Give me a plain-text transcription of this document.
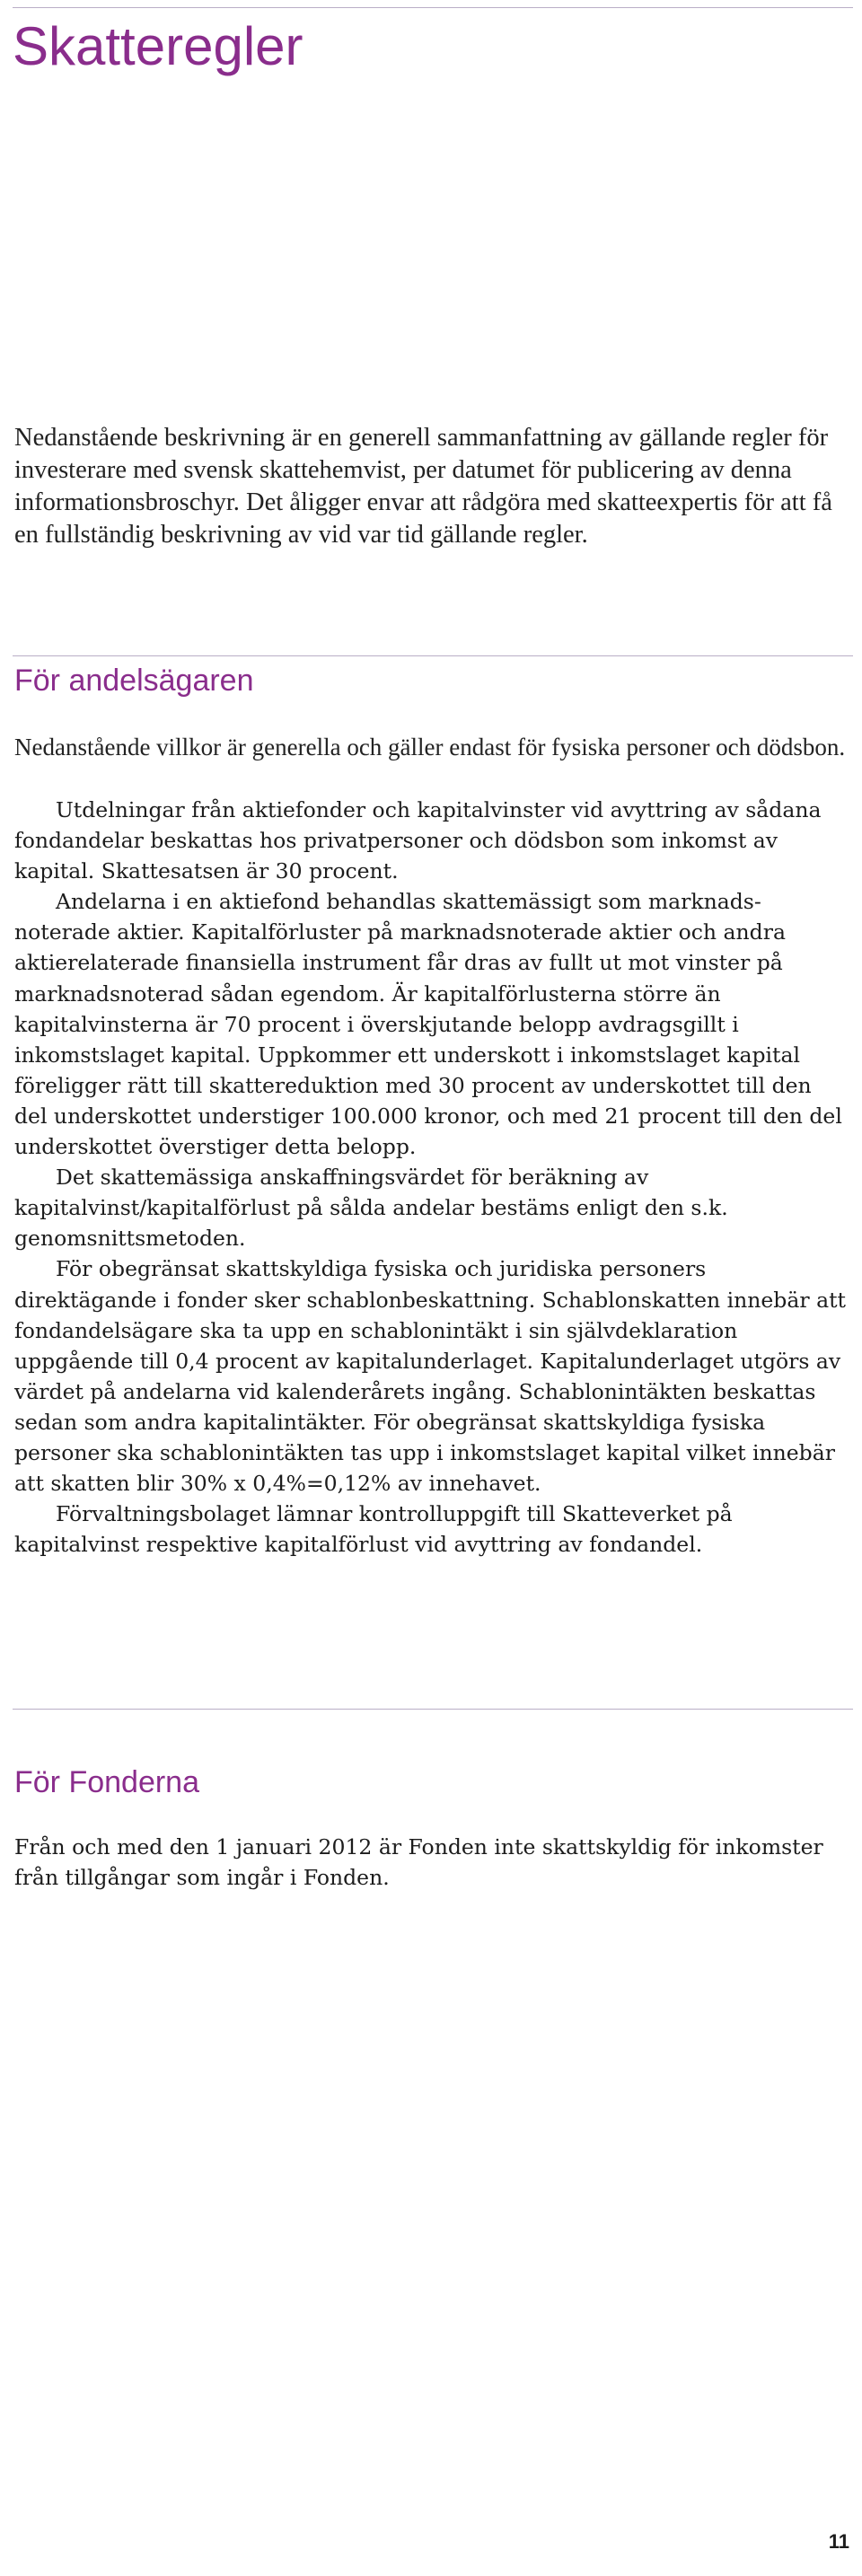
Skatteregler

Nedanstående beskrivning är en generell sammanfattning av gällande regler för investerare med svensk skattehemvist, per datumet för publicering av denna informationsbroschyr. Det åligger envar att rådgöra med skatteexpertis för att få en fullständig beskrivning av vid var tid gällande regler.

För andelsägaren

Nedanstående villkor är generella och gäller endast för fysiska personer och dödsbon.

Utdelningar från aktiefonder och kapitalvinster vid avyttring av sådana fondandelar beskattas hos privatpersoner och dödsbon som inkomst av kapital. Skattesatsen är 30 procent.

Andelarna i en aktiefond behandlas skattemässigt som marknads-noterade aktier. Kapitalförluster på marknadsnoterade aktier och andra aktierelaterade finansiella instrument får dras av fullt ut mot vinster på marknadsnoterad sådan egendom. Är kapitalförlusterna större än kapitalvinsterna är 70 procent i överskjutande belopp avdragsgillt i inkomstslaget kapital. Uppkommer ett underskott i inkomstslaget kapital föreligger rätt till skattereduktion med 30 procent av underskottet till den del underskottet understiger 100.000 kronor, och med 21 procent till den del underskottet överstiger detta belopp.

Det skattemässiga anskaffningsvärdet för beräkning av kapitalvinst/kapitalförlust på sålda andelar bestäms enligt den s.k. genomsnittsmetoden.

För obegränsat skattskyldiga fysiska och juridiska personers direktägande i fonder sker schablonbeskattning. Schablonskatten innebär att fondandelsägare ska ta upp en schablonintäkt i sin självdeklaration uppgående till 0,4 procent av kapitalunderlaget. Kapitalunderlaget utgörs av värdet på andelarna vid kalenderårets ingång. Schablonintäkten beskattas sedan som andra kapitalintäkter. För obegränsat skattskyldiga fysiska personer ska schablonintäkten tas upp i inkomstslaget kapital vilket innebär att skatten blir 30% x 0,4%=0,12% av innehavet.

Förvaltningsbolaget lämnar kontrolluppgift till Skatteverket på kapitalvinst respektive kapitalförlust vid avyttring av fondandel.

För Fonderna

Från och med den 1 januari 2012 är Fonden inte skattskyldig för inkomster från tillgångar som ingår i Fonden.

11
